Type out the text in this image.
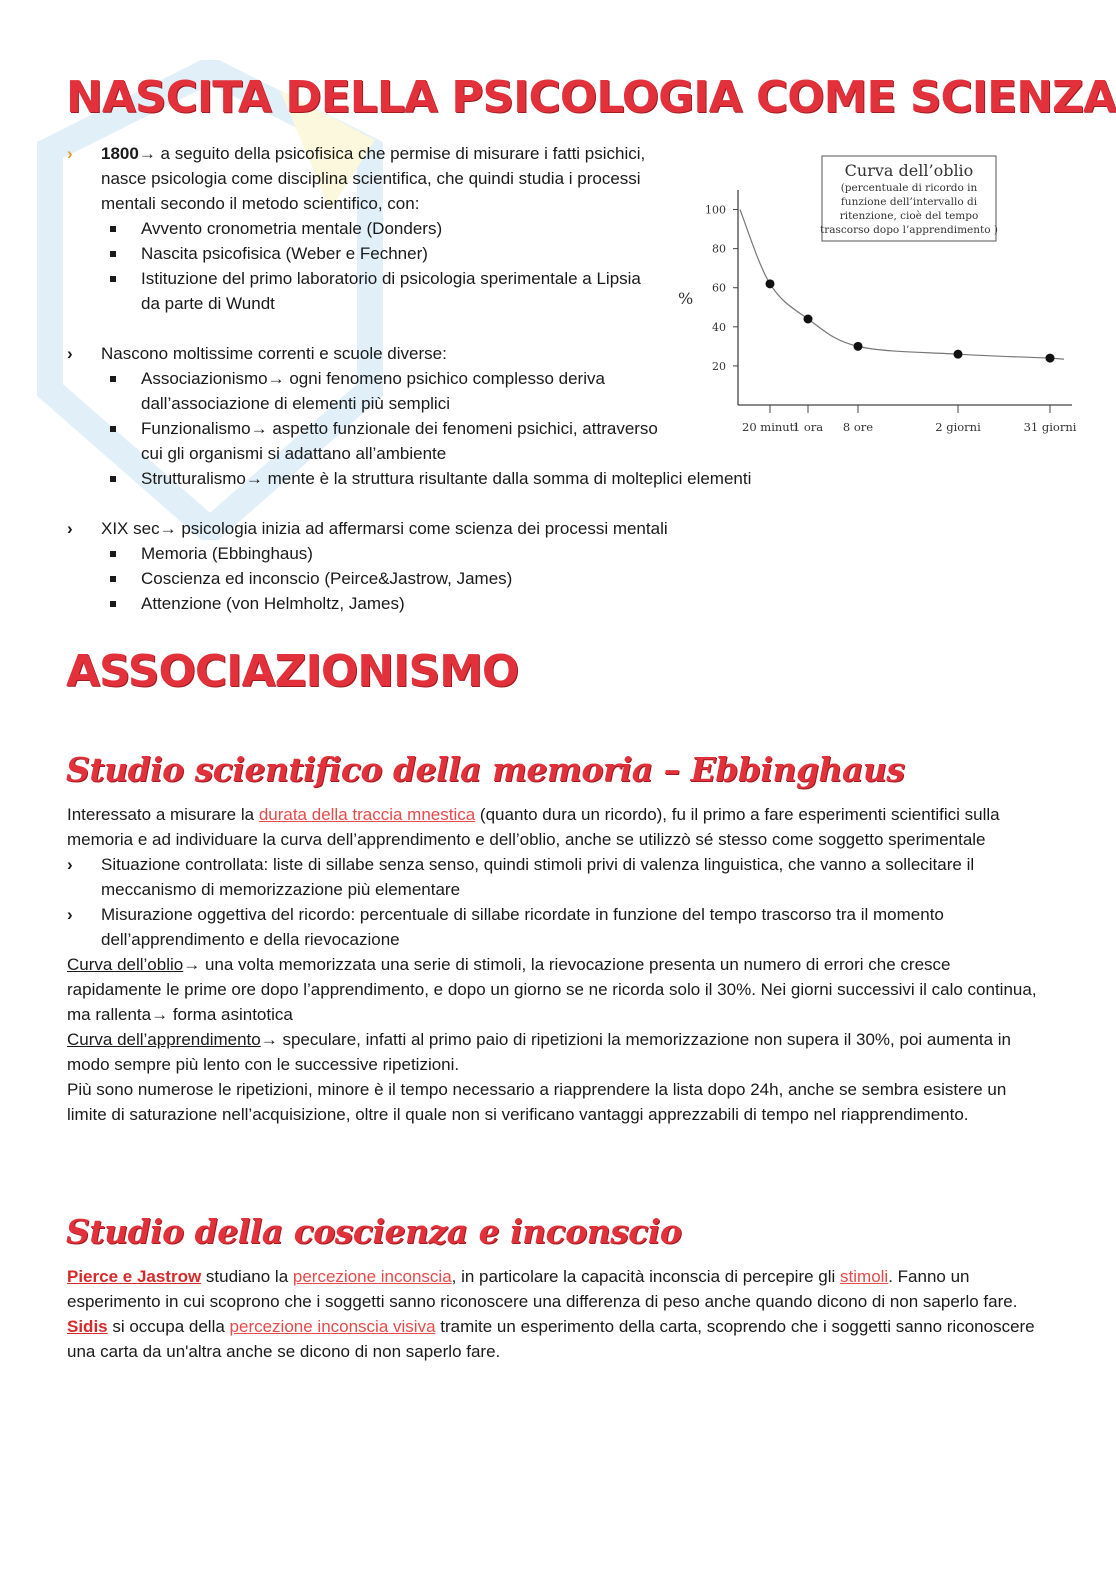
NASCITA DELLA PSICOLOGIA COME SCIENZA
› 1800→ a seguito della psicofisica che permise di misurare i fatti psichici, nasce psicologia come disciplina scientifica, che quindi studia i processi mentali secondo il metodo scientifico, con:
Avvento cronometria mentale (Donders)
Nascita psicofisica (Weber e Fechner)
Istituzione del primo laboratorio di psicologia sperimentale a Lipsia da parte di Wundt
› Nascono moltissime correnti e scuole diverse:
Associazionismo→ ogni fenomeno psichico complesso deriva dall’associazione di elementi più semplici
Funzionalismo→ aspetto funzionale dei fenomeni psichici, attraverso cui gli organismi si adattano all’ambiente
Strutturalismo→ mente è la struttura risultante dalla somma di molteplici elementi
› XIX sec→ psicologia inizia ad affermarsi come scienza dei processi mentali
Memoria (Ebbinghaus)
Coscienza ed inconscio (Peirce&Jastrow, James)
Attenzione (von Helmholtz, James)
Curva dell’oblio
(percentuale di ricordo in
funzione dell’intervallo di
ritenzione, cioè del tempo
trascorso dopo l’apprendimento )
%
20
40
60
80
100
20 minuti
1 ora 8 ore	2 giorni	31 giorni
ASSOCIAZIONISMO
Studio scientifico della memoria – Ebbinghaus
Interessato a misurare la durata della traccia mnestica (quanto dura un ricordo), fu il primo a fare esperimenti scientifici sulla memoria e ad individuare la curva dell’apprendimento e dell’oblio, anche se utilizzò sé stesso come soggetto sperimentale
› Situazione controllata: liste di sillabe senza senso, quindi stimoli privi di valenza linguistica, che vanno a sollecitare il meccanismo di memorizzazione più elementare
› Misurazione oggettiva del ricordo: percentuale di sillabe ricordate in funzione del tempo trascorso tra il momento dell’apprendimento e della rievocazione
Curva dell’oblio→ una volta memorizzata una serie di stimoli, la rievocazione presenta un numero di errori che cresce rapidamente le prime ore dopo l’apprendimento, e dopo un giorno se ne ricorda solo il 30%. Nei giorni successivi il calo continua, ma rallenta→ forma asintotica
Curva dell’apprendimento→ speculare, infatti al primo paio di ripetizioni la memorizzazione non supera il 30%, poi aumenta in modo sempre più lento con le successive ripetizioni.
Più sono numerose le ripetizioni, minore è il tempo necessario a riapprendere la lista dopo 24h, anche se sembra esistere un limite di saturazione nell’acquisizione, oltre il quale non si verificano vantaggi apprezzabili di tempo nel riapprendimento.
Studio della coscienza e inconscio
Pierce e Jastrow studiano la percezione inconscia, in particolare la capacità inconscia di percepire gli stimoli. Fanno un esperimento in cui scoprono che i soggetti sanno riconoscere una differenza di peso anche quando dicono di non saperlo fare.
Sidis si occupa della percezione inconscia visiva tramite un esperimento della carta, scoprendo che i soggetti sanno riconoscere una carta da un'altra anche se dicono di non saperlo fare.
